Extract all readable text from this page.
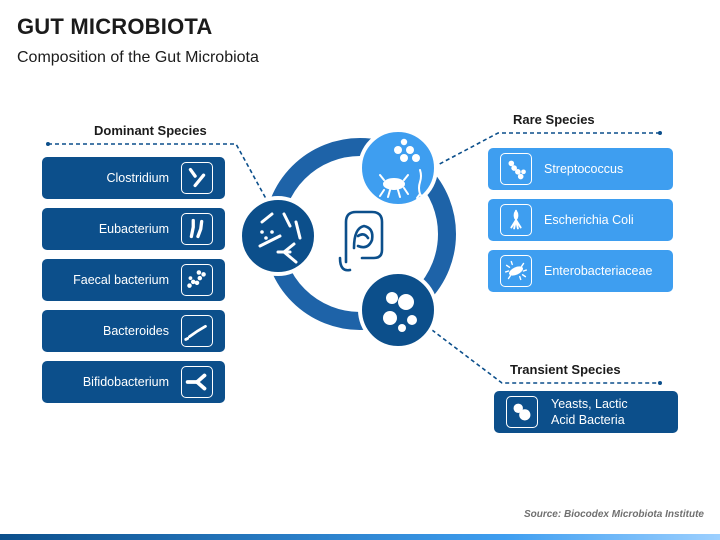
GUT MICROBIOTA
Composition of the Gut Microbiota
Dominant Species
Clostridium
Eubacterium
Faecal bacterium
Bacteroides
Bifidobacterium
Rare Species
Streptococcus
Escherichia Coli
Enterobacteriaceae
Transient Species
Yeasts, Lactic
Acid Bacteria
Source: Biocodex Microbiota Institute
